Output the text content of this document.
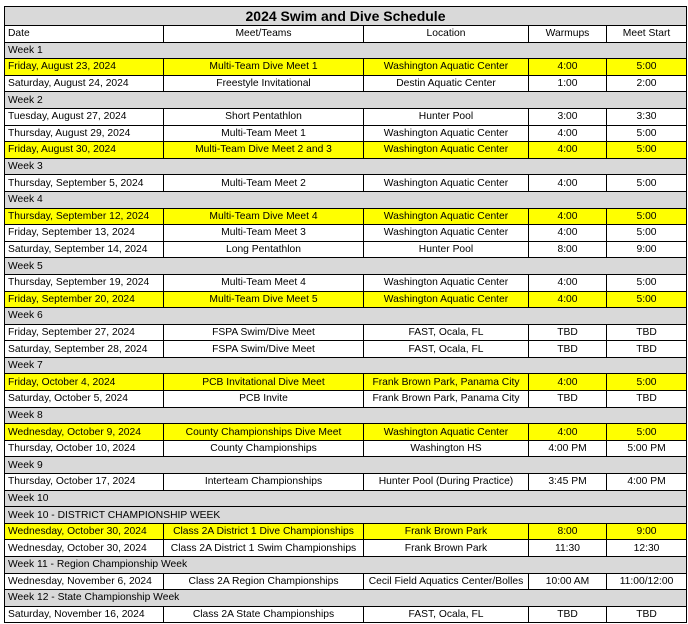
2024 Swim and Dive Schedule				
Date	Meet/Teams	Location	Warmups	Meet Start
Week 1				
Friday, August 23, 2024	Multi-Team Dive Meet 1	Washington Aquatic Center	4:00	5:00
Saturday, August 24, 2024	Freestyle Invitational	Destin Aquatic Center	1:00	2:00
Week 2				
Tuesday, August 27, 2024	Short Pentathlon	Hunter Pool	3:00	3:30
Thursday, August 29, 2024	Multi-Team Meet 1	Washington Aquatic Center	4:00	5:00
Friday, August 30, 2024	Multi-Team Dive Meet 2 and 3	Washington Aquatic Center	4:00	5:00
Week 3				
Thursday, September 5, 2024	Multi-Team Meet 2	Washington Aquatic Center	4:00	5:00
Week 4				
Thursday, September 12, 2024	Multi-Team Dive Meet 4	Washington Aquatic Center	4:00	5:00
Friday, September 13, 2024	Multi-Team Meet 3	Washington Aquatic Center	4:00	5:00
Saturday, September 14, 2024	Long Pentathlon	Hunter Pool	8:00	9:00
Week 5				
Thursday, September 19, 2024	Multi-Team Meet 4	Washington Aquatic Center	4:00	5:00
Friday, September 20, 2024	Multi-Team Dive Meet 5	Washington Aquatic Center	4:00	5:00
Week 6				
Friday, September 27, 2024	FSPA Swim/Dive Meet	FAST, Ocala, FL	TBD	TBD
Saturday, September 28, 2024	FSPA Swim/Dive Meet	FAST, Ocala, FL	TBD	TBD
Week 7				
Friday, October 4, 2024	PCB Invitational Dive Meet	Frank Brown Park, Panama City	4:00	5:00
Saturday, October 5, 2024	PCB Invite	Frank Brown Park, Panama City	TBD	TBD
Week 8				
Wednesday, October 9, 2024	County Championships Dive Meet	Washington Aquatic Center	4:00	5:00
Thursday, October 10, 2024	County Championships	Washington HS	4:00 PM	5:00 PM
Week 9				
Thursday, October 17, 2024	Interteam Championships	Hunter Pool (During Practice)	3:45 PM	4:00 PM
Week 10				
Week 10 - DISTRICT CHAMPIONSHIP WEEK				
Wednesday, October 30, 2024	Class 2A District 1 Dive Championships	Frank Brown Park	8:00	9:00
Wednesday, October 30, 2024	Class 2A District 1 Swim Championships	Frank Brown Park	11:30	12:30
Week 11 - Region Championship Week				
Wednesday, November 6, 2024	Class 2A Region Championships	Cecil Field Aquatics Center/Bolles	10:00 AM	11:00/12:00
Week 12 - State Championship Week				
Saturday, November 16, 2024	Class 2A State Championships	FAST, Ocala, FL	TBD	TBD
